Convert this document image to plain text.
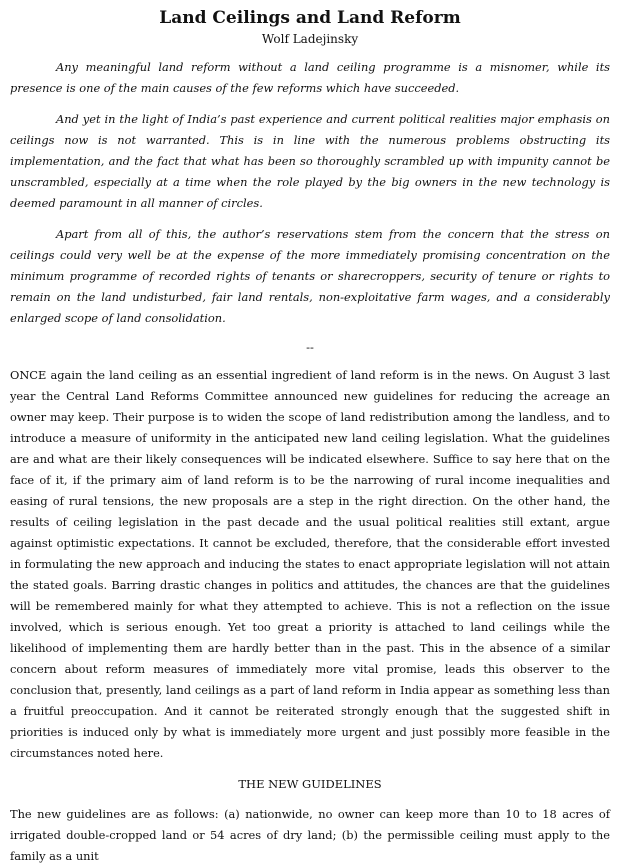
Land Ceilings and Land Reform
Wolf Ladejinsky

Any meaningful land reform without a land ceiling programme is a misnomer, while its presence is one of the main causes of the few reforms which have succeeded.

And yet in the light of India’s past experience and current political realities major emphasis on ceilings now is not warranted. This is in line with the numerous problems obstructing its implementation, and the fact that what has been so thoroughly scrambled up with impunity cannot be unscrambled, especially at a time when the role played by the big owners in the new technology is deemed paramount in all manner of circles.

Apart from all of this, the author’s reservations stem from the concern that the stress on ceilings could very well be at the expense of the more immediately promising concentration on the minimum programme of recorded rights of tenants or sharecroppers, security of tenure or rights to remain on the land undisturbed, fair land rentals, non-exploitative farm wages, and a considerably enlarged scope of land consolidation.

--

ONCE again the land ceiling as an essential ingredient of land reform is in the news. On August 3 last year the Central Land Reforms Committee announced new guidelines for reducing the acreage an owner may keep. Their purpose is to widen the scope of land redistribution among the landless, and to introduce a measure of uniformity in the anticipated new land ceiling legislation. What the guidelines are and what are their likely consequences will be indicated elsewhere. Suffice to say here that on the face of it, if the primary aim of land reform is to be the narrowing of rural income inequalities and easing of rural tensions, the new proposals are a step in the right direction. On the other hand, the results of ceiling legislation in the past decade and the usual political realities still extant, argue against optimistic expectations. It cannot be excluded, therefore, that the considerable effort invested in formulating the new approach and inducing the states to enact appropriate legislation will not attain the stated goals. Barring drastic changes in politics and attitudes, the chances are that the guidelines will be remembered mainly for what they attempted to achieve. This is not a reflection on the issue involved, which is serious enough. Yet too great a priority is attached to land ceilings while the likelihood of implementing them are hardly better than in the past. This in the absence of a similar concern about reform measures of immediately more vital promise, leads this observer to the conclusion that, presently, land ceilings as a part of land reform in India appear as something less than a fruitful preoccupation. And it cannot be reiterated strongly enough that the suggested shift in priorities is induced only by what is immediately more urgent and just possibly more feasible in the circumstances noted here.

THE NEW GUIDELINES

The new guidelines are as follows: (a) nationwide, no owner can keep more than 10 to 18 acres of irrigated double-cropped land or 54 acres of dry land; (b) the permissible ceiling must apply to the family as a unit
